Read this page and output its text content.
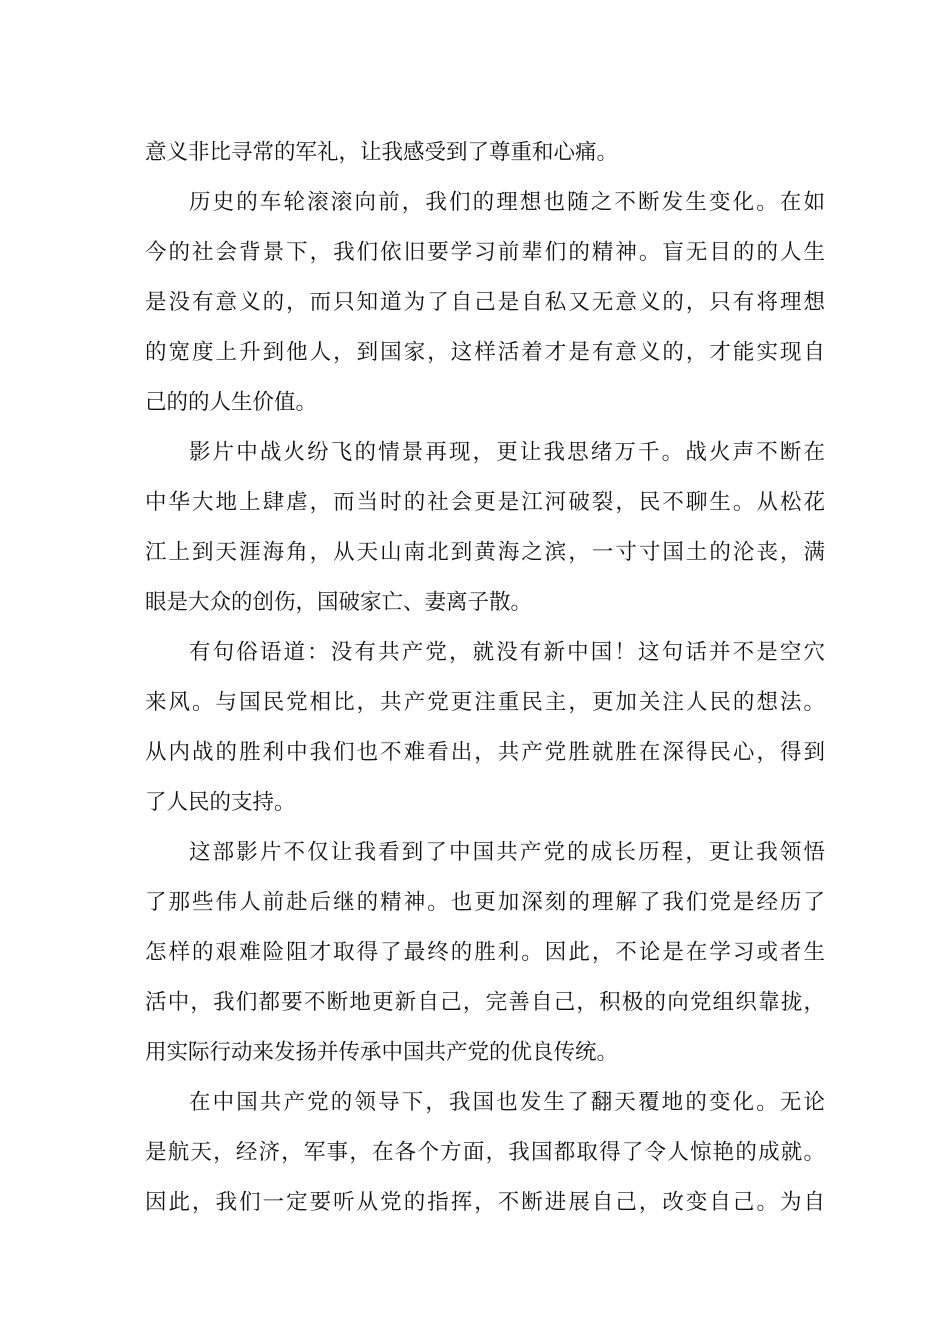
意义非比寻常的军礼，让我感受到了尊重和心痛。
历史的车轮滚滚向前，我们的理想也随之不断发生变化。在如
今的社会背景下，我们依旧要学习前辈们的精神。盲无目的的人生
是没有意义的，而只知道为了自己是自私又无意义的，只有将理想
的宽度上升到他人，到国家，这样活着才是有意义的，才能实现自
己的的人生价值。
影片中战火纷飞的情景再现，更让我思绪万千。战火声不断在
中华大地上肆虐，而当时的社会更是江河破裂，民不聊生。从松花
江上到天涯海角，从天山南北到黄海之滨，一寸寸国土的沦丧，满
眼是大众的创伤，国破家亡、妻离子散。
有句俗语道：没有共产党，就没有新中国！这句话并不是空穴
来风。与国民党相比，共产党更注重民主，更加关注人民的想法。
从内战的胜利中我们也不难看出，共产党胜就胜在深得民心，得到
了人民的支持。
这部影片不仅让我看到了中国共产党的成长历程，更让我领悟
了那些伟人前赴后继的精神。也更加深刻的理解了我们党是经历了
怎样的艰难险阻才取得了最终的胜利。因此，不论是在学习或者生
活中，我们都要不断地更新自己，完善自己，积极的向党组织靠拢，
用实际行动来发扬并传承中国共产党的优良传统。
在中国共产党的领导下，我国也发生了翻天覆地的变化。无论
是航天，经济，军事，在各个方面，我国都取得了令人惊艳的成就。
因此，我们一定要听从党的指挥，不断进展自己，改变自己。为自
